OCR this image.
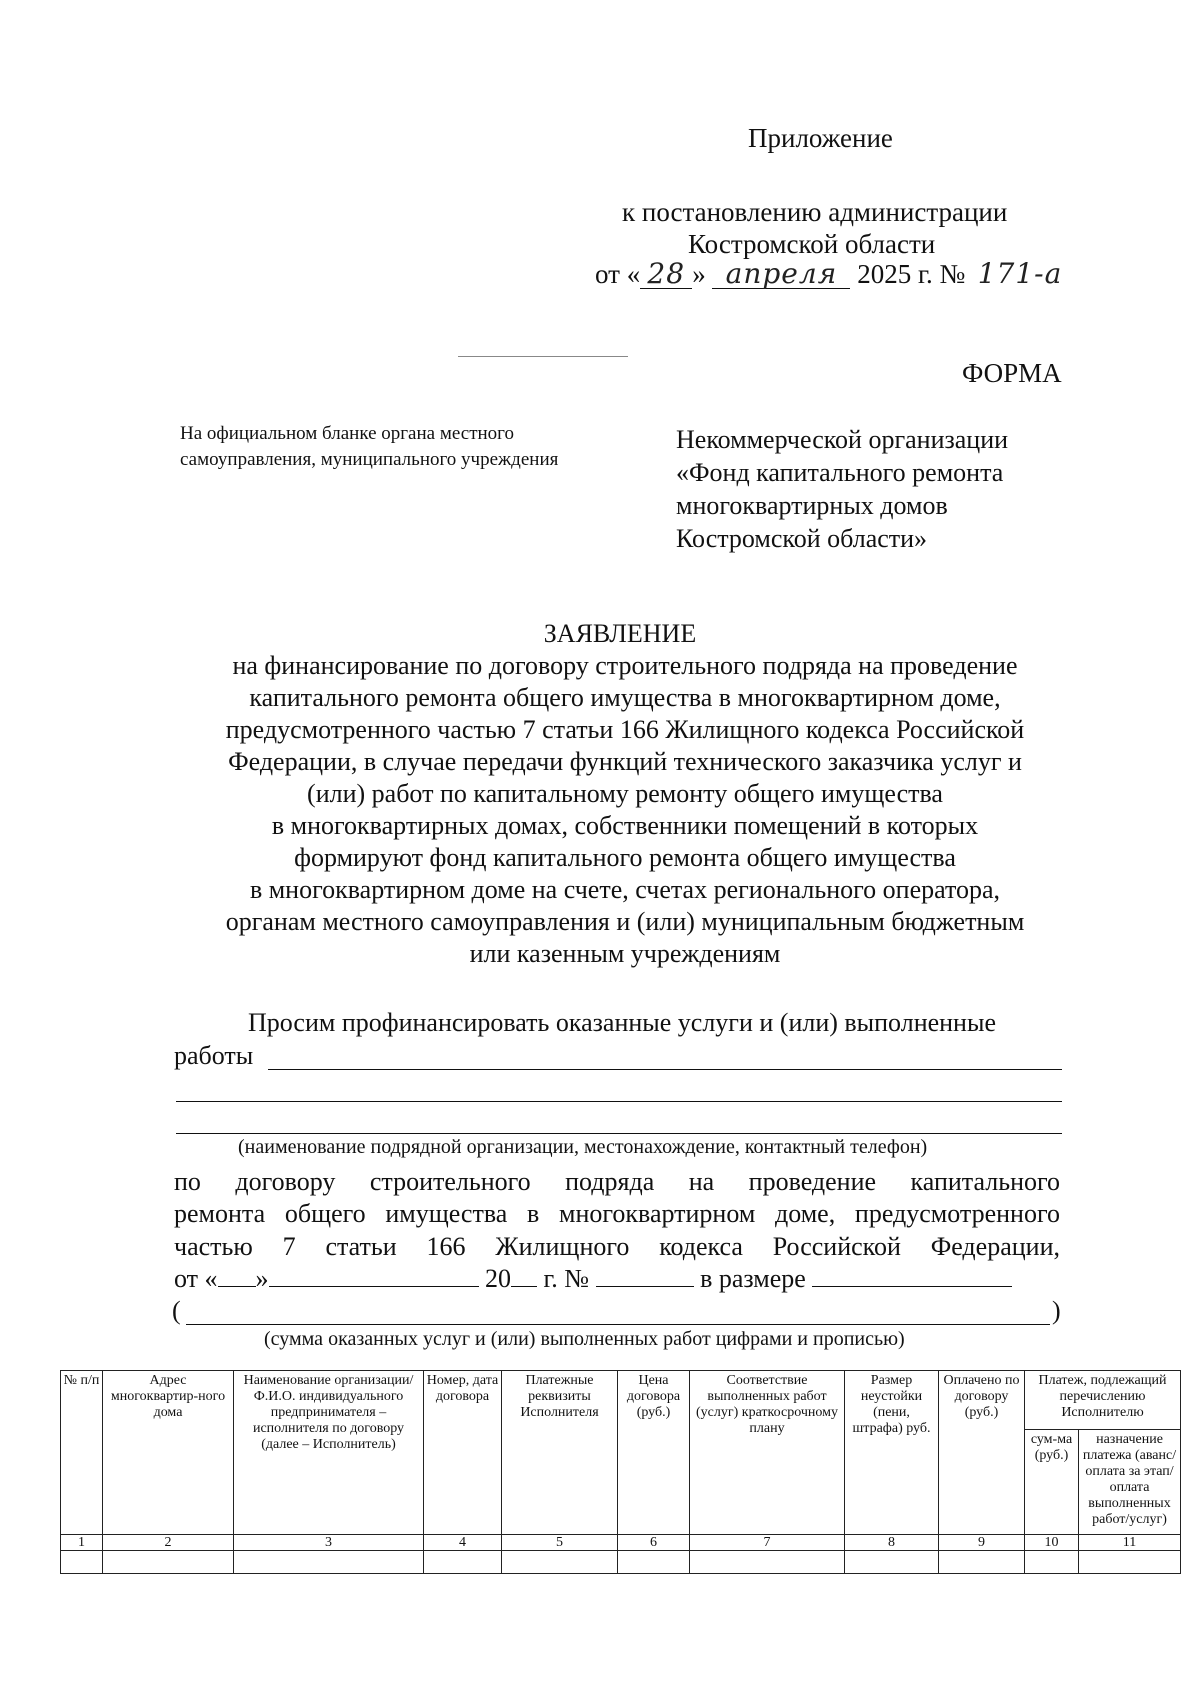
Приложение
к постановлению администрации
Костромской области
от « 28 » апреля 2025 г. № 171-а
ФОРМА
На официальном бланке органа местного
самоуправления, муниципального учреждения
Некоммерческой организации
«Фонд капитального ремонта
многоквартирных домов
Костромской области»
ЗАЯВЛЕНИЕ
на финансирование по договору строительного подряда на проведение
капитального ремонта общего имущества в многоквартирном доме,
предусмотренного частью 7 статьи 166 Жилищного кодекса Российской
Федерации, в случае передачи функций технического заказчика услуг и
(или) работ по капитальному ремонту общего имущества
в многоквартирных домах, собственники помещений в которых
формируют фонд капитального ремонта общего имущества
в многоквартирном доме на счете, счетах регионального оператора,
органам местного самоуправления и (или) муниципальным бюджетным
или казенным учреждениям
Просим профинансировать оказанные услуги и (или) выполненные
работы
(наименование подрядной организации, местонахождение, контактный телефон)
по договору строительного подряда на проведение капитального
ремонта общего имущества в многоквартирном доме, предусмотренного
частью 7 статьи 166 Жилищного кодекса Российской Федерации,
от « »	20 г. №	в размере
(	)
(сумма оказанных услуг и (или) выполненных работ цифрами и прописью)
№ п/п	Адрес многоквартир-ного дома	Наименование организации/Ф.И.О. индивидуального предпринимателя – исполнителя по договору (далее – Исполнитель)	Номер, дата договора	Платежные реквизиты Исполнителя	Цена договора (руб.)	Соответствие выполненных работ (услуг) краткосрочному плану	Размер неустойки (пени, штрафа) руб.	Оплачено по договору (руб.)	Платеж, подлежащий перечислению Исполнителю	
									сум-ма (руб.)	назначение платежа (аванс/оплата за этап/оплата выполненных работ/услуг)
1	2	3	4	5	6	7	8	9	10	11
